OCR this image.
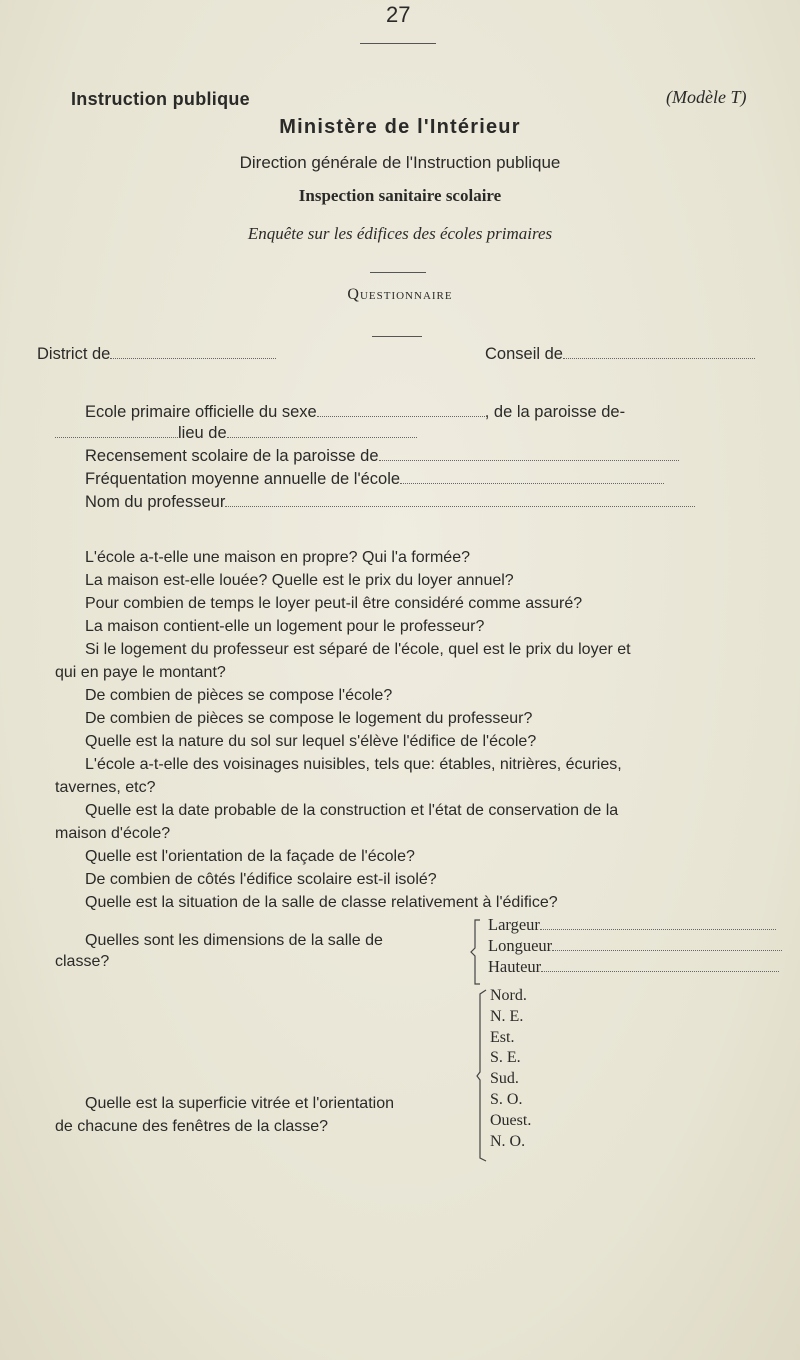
27
Instruction publique	(Modèle T)
Ministère de l'Intérieur
Direction générale de l'Instruction publique
Inspection sanitaire scolaire
Enquête sur les édifices des écoles primaires
Questionnaire
District de	Conseil de
Ecole primaire officielle du sexe	, de la paroisse de-
lieu de
Recensement scolaire de la paroisse de
Fréquentation moyenne annuelle de l'école
Nom du professeur
L'école a-t-elle une maison en propre? Qui l'a formée?
La maison est-elle louée? Quelle est le prix du loyer annuel?
Pour combien de temps le loyer peut-il être considéré comme assuré?
La maison contient-elle un logement pour le professeur?
Si le logement du professeur est séparé de l'école, quel est le prix du loyer et
qui en paye le montant?
De combien de pièces se compose l'école?
De combien de pièces se compose le logement du professeur?
Quelle est la nature du sol sur lequel s'élève l'édifice de l'école?
L'école a-t-elle des voisinages nuisibles, tels que: étables, nitrières, écuries,
tavernes, etc?
Quelle est la date probable de la construction et l'état de conservation de la
maison d'école?
Quelle est l'orientation de la façade de l'école?
De combien de côtés l'édifice scolaire est-il isolé?
Quelle est la situation de la salle de classe relativement à l'édifice?
Quelles sont les dimensions de la salle de
classe?
Largeur
Longueur
Hauteur
Quelle est la superficie vitrée et l'orientation
de chacune des fenêtres de la classe?
Nord.
N. E.
Est.
S. E.
Sud.
S. O.
Ouest.
N. O.
